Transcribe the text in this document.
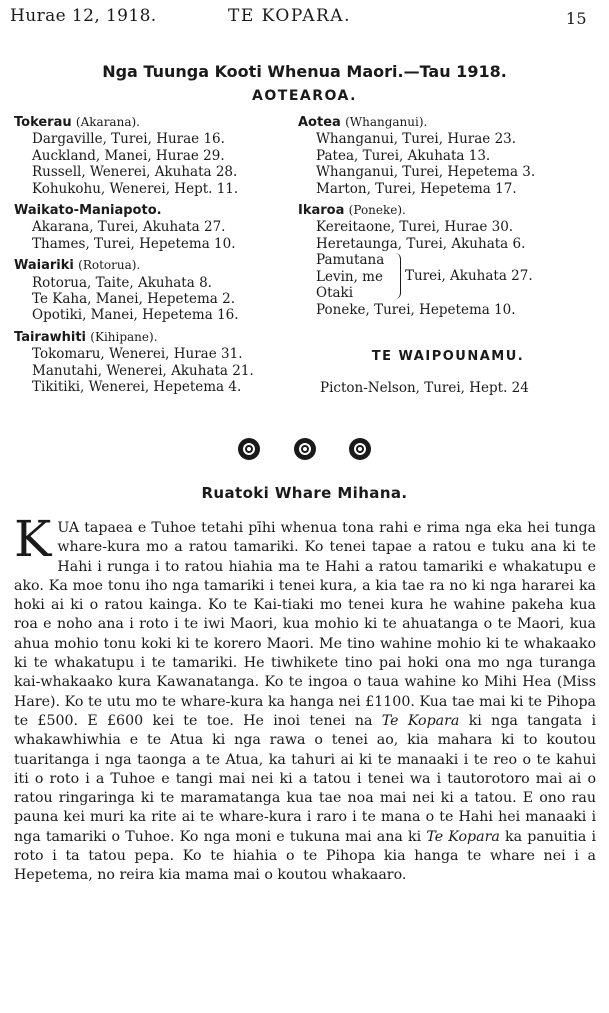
Hurae 12, 1918.	TE KOPARA.	15
Nga Tuunga Kooti Whenua Maori.—Tau 1918.
AOTEAROA.
Tokerau (Akarana).
Dargaville, Turei, Hurae 16.
Auckland, Manei, Hurae 29.
Russell, Wenerei, Akuhata 28.
Kohukohu, Wenerei, Hept. 11.
Waikato-Maniapoto.
Akarana, Turei, Akuhata 27.
Thames, Turei, Hepetema 10.
Waiariki (Rotorua).
Rotorua, Taite, Akuhata 8.
Te Kaha, Manei, Hepetema 2.
Opotiki, Manei, Hepetema 16.
Tairawhiti (Kihipane).
Tokomaru, Wenerei, Hurae 31.
Manutahi, Wenerei, Akuhata 21.
Tikitiki, Wenerei, Hepetema 4.
Aotea (Whanganui).
Whanganui, Turei, Hurae 23.
Patea, Turei, Akuhata 13.
Whanganui, Turei, Hepetema 3.
Marton, Turei, Hepetema 17.
Ikaroa (Poneke).
Kereitaone, Turei, Hurae 30.
Heretaunga, Turei, Akuhata 6.
Pamutana
Levin, me
Otaki
Turei, Akuhata 27.
Poneke, Turei, Hepetema 10.
TE WAIPOUNAMU.
Picton-Nelson, Turei, Hept. 24

Ruatoki Whare Mihana.
KUA tapaea e Tuhoe tetahi pīhi whenua tona rahi e rima nga eka hei tunga whare-kura mo a ratou tamariki. Ko tenei tapae a ratou e tuku ana ki te Hahi i runga i to ratou hiahia ma te Hahi a ratou tamariki e whakatupu e ako. Ka moe tonu iho nga tamariki i tenei kura, a kia tae ra no ki nga hararei ka hoki ai ki o ratou kainga. Ko te Kai-tiaki mo tenei kura he wahine pakeha kua roa e noho ana i roto i te iwi Maori, kua mohio ki te ahuatanga o te Maori, kua ahua mohio tonu koki ki te korero Maori. Me tino wahine mohio ki te whakaako ki te whakatupu i te tamariki. He tiwhikete tino pai hoki ona mo nga turanga kai-whakaako kura Kawanatanga. Ko te ingoa o taua wahine ko Mihi Hea (Miss Hare). Ko te utu mo te whare-kura ka hanga nei £1100. Kua tae mai ki te Pihopa te £500. E £600 kei te toe. He inoi tenei na Te Kopara ki nga tangata i whakawhiwhia e te Atua ki nga rawa o tenei ao, kia mahara ki to koutou tuaritanga i nga taonga a te Atua, ka tahuri ai ki te manaaki i te reo o te kahui iti o roto i a Tuhoe e tangi mai nei ki a tatou i tenei wa i tautorotoro mai ai o ratou ringaringa ki te maramatanga kua tae noa mai nei ki a tatou. E ono rau pauna kei muri ka rite ai te whare-kura i raro i te mana o te Hahi hei manaaki i nga tamariki o Tuhoe. Ko nga moni e tukuna mai ana ki Te Kopara ka panuitia i roto i ta tatou pepa. Ko te hiahia o te Pihopa kia hanga te whare nei i a Hepetema, no reira kia mama mai o koutou whakaaro.
